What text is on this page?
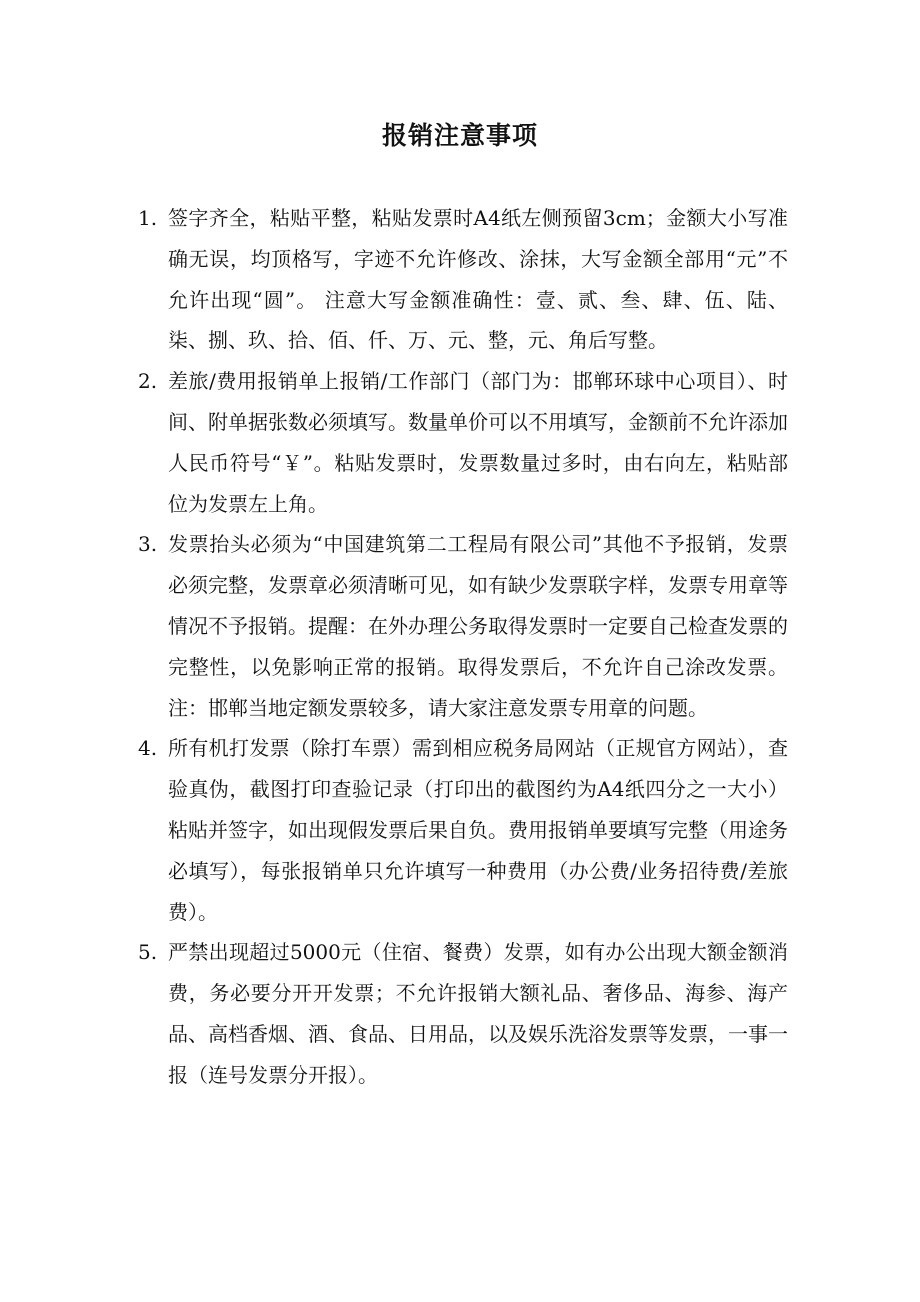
报销注意事项
1. 签字齐全，粘贴平整，粘贴发票时A4纸左侧预留3cm；金额大小写准确无误，均顶格写，字迹不允许修改、涂抹，大写金额全部用“元”不允许出现“圆”。 注意大写金额准确性：壹、贰、叁、肆、伍、陆、柒、捌、玖、拾、佰、仟、万、元、整，元、角后写整。
2. 差旅/费用报销单上报销/工作部门（部门为：邯郸环球中心项目）、时间、附单据张数必须填写。数量单价可以不用填写，金额前不允许添加人民币符号“￥”。粘贴发票时，发票数量过多时，由右向左，粘贴部位为发票左上角。
3. 发票抬头必须为“中国建筑第二工程局有限公司”其他不予报销，发票必须完整，发票章必须清晰可见，如有缺少发票联字样，发票专用章等情况不予报销。提醒：在外办理公务取得发票时一定要自己检查发票的完整性，以免影响正常的报销。取得发票后，不允许自己涂改发票。注：邯郸当地定额发票较多，请大家注意发票专用章的问题。
4. 所有机打发票（除打车票）需到相应税务局网站（正规官方网站），查验真伪，截图打印查验记录（打印出的截图约为A4纸四分之一大小）粘贴并签字，如出现假发票后果自负。费用报销单要填写完整（用途务必填写），每张报销单只允许填写一种费用（办公费/业务招待费/差旅费）。
5. 严禁出现超过5000元（住宿、餐费）发票，如有办公出现大额金额消费，务必要分开开发票；不允许报销大额礼品、奢侈品、海参、海产品、高档香烟、酒、食品、日用品，以及娱乐洗浴发票等发票，一事一报（连号发票分开报）。
